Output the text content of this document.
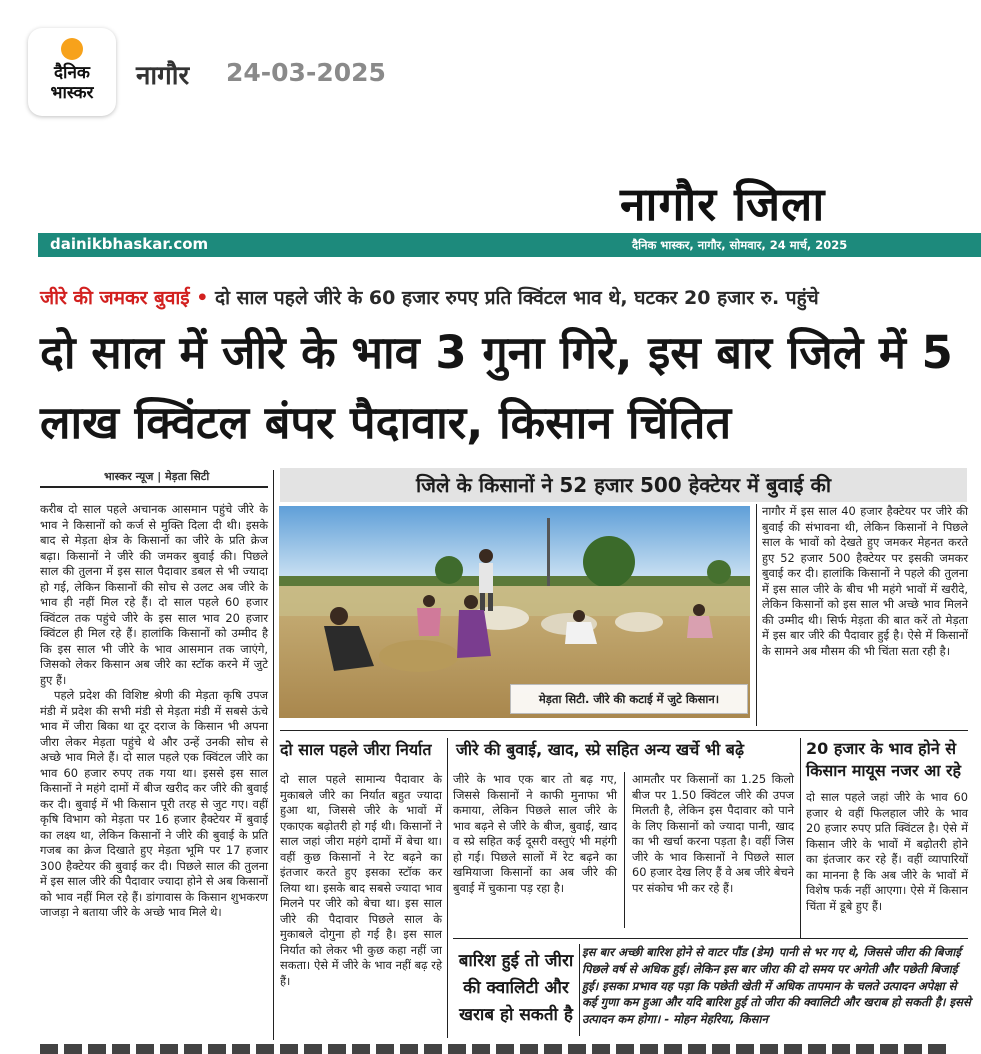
दैनिक
भास्कर
नागौर 24-03-2025
नागौर जिला
dainikbhaskar.com	दैनिक भास्कर, नागौर, सोमवार, 24 मार्च, 2025
जीरे की जमकर बुवाई • दो साल पहले जीरे के 60 हजार रुपए प्रति क्विंटल भाव थे, घटकर 20 हजार रु. पहुंचे
दो साल में जीरे के भाव 3 गुना गिरे, इस बार जिले में 5 लाख क्विंटल बंपर पैदावार, किसान चिंतित
भास्कर न्यूज | मेड़ता सिटी

करीब दो साल पहले अचानक आसमान पहुंचे जीरे के भाव ने किसानों को कर्ज से मुक्ति दिला दी थी। इसके बाद से मेड़ता क्षेत्र के किसानों का जीरे के प्रति क्रेज बढ़ा। किसानों ने जीरे की जमकर बुवाई की। पिछले साल की तुलना में इस साल पैदावार डबल से भी ज्यादा हो गई, लेकिन किसानों की सोच से उलट अब जीरे के भाव ही नहीं मिल रहे हैं। दो साल पहले 60 हजार क्विंटल तक पहुंचे जीरे के इस साल भाव 20 हजार क्विंटल ही मिल रहे हैं। हालांकि किसानों को उम्मीद है कि इस साल भी जीरे के भाव आसमान तक जाएंगे, जिसको लेकर किसान अब जीरे का स्टॉक करने में जुटे हुए हैं।

पहले प्रदेश की विशिष्ट श्रेणी की मेड़ता कृषि उपज मंडी में प्रदेश की सभी मंडी से मेड़ता मंडी में सबसे ऊंचे भाव में जीरा बिका था दूर दराज के किसान भी अपना जीरा लेकर मेड़ता पहुंचे थे और उन्हें उनकी सोच से अच्छे भाव मिले हैं। दो साल पहले एक क्विंटल जीरे का भाव 60 हजार रुपए तक गया था। इससे इस साल किसानों ने महंगे दामों में बीज खरीद कर जीरे की बुवाई कर दी। बुवाई में भी किसान पूरी तरह से जुट गए। वहीं कृषि विभाग को मेड़ता पर 16 हजार हैक्टेयर में बुवाई का लक्ष्य था, लेकिन किसानों ने जीरे की बुवाई के प्रति गजब का क्रेज दिखाते हुए मेड़ता भूमि पर 17 हजार 300 हैक्टेयर की बुवाई कर दी। पिछले साल की तुलना में इस साल जीरे की पैदावार ज्यादा होने से अब किसानों को भाव नहीं मिल रहे हैं। डांगावास के किसान शुभकरण जाजड़ा ने बताया जीरे के अच्छे भाव मिले थे।

जिले के किसानों ने 52 हजार 500 हेक्टेयर में बुवाई की
मेड़ता सिटी. जीरे की कटाई में जुटे किसान।
नागौर में इस साल 40 हजार हैक्टेयर पर जीरे की बुवाई की संभावना थी, लेकिन किसानों ने पिछले साल के भावों को देखते हुए जमकर मेहनत करते हुए 52 हजार 500 हैक्टेयर पर इसकी जमकर बुवाई कर दी। हालांकि किसानों ने पहले की तुलना में इस साल जीरे के बीच भी महंगे भावों में खरीदे, लेकिन किसानों को इस साल भी अच्छे भाव मिलने की उम्मीद थी। सिर्फ मेड़ता की बात करें तो मेड़ता में इस बार जीरे की पैदावार हुई है। ऐसे में किसानों के सामने अब मौसम की भी चिंता सता रही है।
दो साल पहले जीरा निर्यात
दो साल पहले सामान्य पैदावार के मुकाबले जीरे का निर्यात बहुत ज्यादा हुआ था, जिससे जीरे के भावों में एकाएक बढ़ोतरी हो गई थी। किसानों ने साल जहां जीरा महंगे दामों में बेचा था। वहीं कुछ किसानों ने रेट बढ़ने का इंतजार करते हुए इसका स्टॉक कर लिया था। इसके बाद सबसे ज्यादा भाव मिलने पर जीरे को बेचा था। इस साल जीरे की पैदावार पिछले साल के मुकाबले दोगुना हो गई है। इस साल निर्यात को लेकर भी कुछ कहा नहीं जा सकता। ऐसे में जीरे के भाव नहीं बढ़ रहे हैं।
जीरे की बुवाई, खाद, स्प्रे सहित अन्य खर्चे भी बढ़े
जीरे के भाव एक बार तो बढ़ गए, जिससे किसानों ने काफी मुनाफा भी कमाया, लेकिन पिछले साल जीरे के भाव बढ़ने से जीरे के बीज, बुवाई, खाद व स्प्रे सहित कई दूसरी वस्तुएं भी महंगी हो गई। पिछले सालों में रेट बढ़ने का खमियाजा किसानों का अब जीरे की बुवाई में चुकाना पड़ रहा है।
आमतौर पर किसानों का 1.25 किलो बीज पर 1.50 क्विंटल जीरे की उपज मिलती है, लेकिन इस पैदावार को पाने के लिए किसानों को ज्यादा पानी, खाद का भी खर्चा करना पड़ता है। वहीं जिस जीरे के भाव किसानों ने पिछले साल 60 हजार देख लिए हैं वे अब जीरे बेचने पर संकोच भी कर रहे हैं।
20 हजार के भाव होने से किसान मायूस नजर आ रहे
दो साल पहले जहां जीरे के भाव 60 हजार थे वहीं फिलहाल जीरे के भाव 20 हजार रुपए प्रति क्विंटल है। ऐसे में किसान जीरे के भावों में बढ़ोतरी होने का इंतजार कर रहे हैं। वहीं व्यापारियों का मानना है कि अब जीरे के भावों में विशेष फर्क नहीं आएगा। ऐसे में किसान चिंता में डूबे हुए हैं।
बारिश हुई तो जीरा की क्वालिटी और खराब हो सकती है
इस बार अच्छी बारिश होने से वाटर पौंड (डेम) पानी से भर गए थे, जिससे जीरा की बिजाई पिछले वर्ष से अधिक हुई। लेकिन इस बार जीरा की दो समय पर अगेती और पछेती बिजाई हुई। इसका प्रभाव यह पड़ा कि पछेती खेती में अधिक तापमान के चलते उत्पादन अपेक्षा से कई गुणा कम हुआ और यदि बारिश हुई तो जीरा की क्वालिटी और खराब हो सकती है। इससे उत्पादन कम होगा। - मोहन मेहरिया, किसान
